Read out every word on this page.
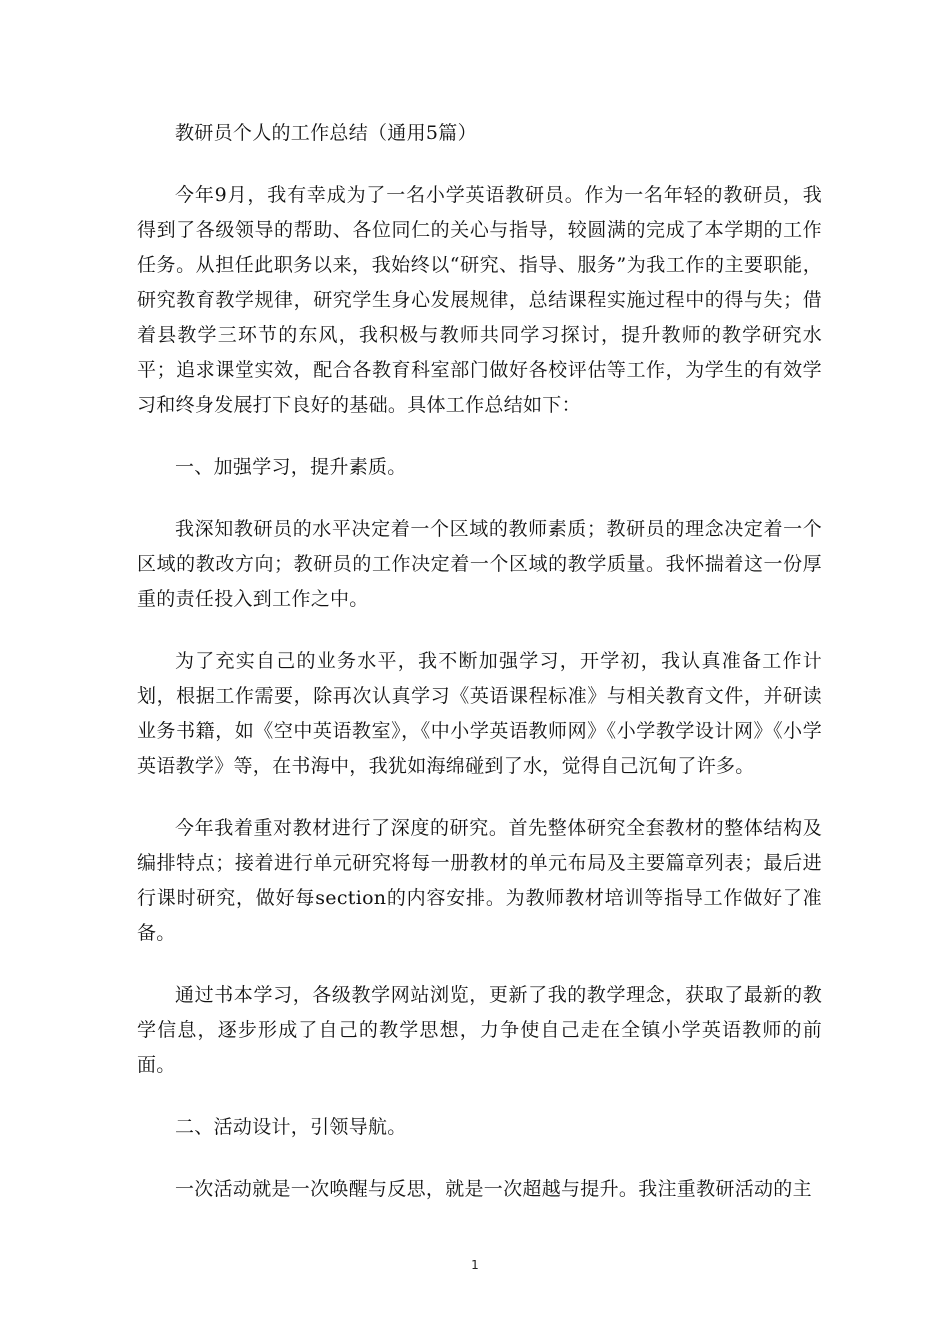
教研员个人的工作总结（通用5篇）

今年9月，我有幸成为了一名小学英语教研员。作为一名年轻的教研员，我得到了各级领导的帮助、各位同仁的关心与指导，较圆满的完成了本学期的工作任务。从担任此职务以来，我始终以“研究、指导、服务”为我工作的主要职能，研究教育教学规律，研究学生身心发展规律，总结课程实施过程中的得与失；借着县教学三环节的东风，我积极与教师共同学习探讨，提升教师的教学研究水平；追求课堂实效，配合各教育科室部门做好各校评估等工作，为学生的有效学习和终身发展打下良好的基础。具体工作总结如下：

一、加强学习，提升素质。

我深知教研员的水平决定着一个区域的教师素质；教研员的理念决定着一个区域的教改方向；教研员的工作决定着一个区域的教学质量。我怀揣着这一份厚重的责任投入到工作之中。

为了充实自己的业务水平，我不断加强学习，开学初，我认真准备工作计划，根据工作需要，除再次认真学习《英语课程标准》与相关教育文件，并研读业务书籍，如《空中英语教室》，《中小学英语教师网》《小学教学设计网》《小学英语教学》等，在书海中，我犹如海绵碰到了水，觉得自己沉甸了许多。

今年我着重对教材进行了深度的研究。首先整体研究全套教材的整体结构及编排特点；接着进行单元研究将每一册教材的单元布局及主要篇章列表；最后进行课时研究，做好每section的内容安排。为教师教材培训等指导工作做好了准备。

通过书本学习，各级教学网站浏览，更新了我的教学理念，获取了最新的教学信息，逐步形成了自己的教学思想，力争使自己走在全镇小学英语教师的前面。

二、活动设计，引领导航。

一次活动就是一次唤醒与反思，就是一次超越与提升。我注重教研活动的主

1
